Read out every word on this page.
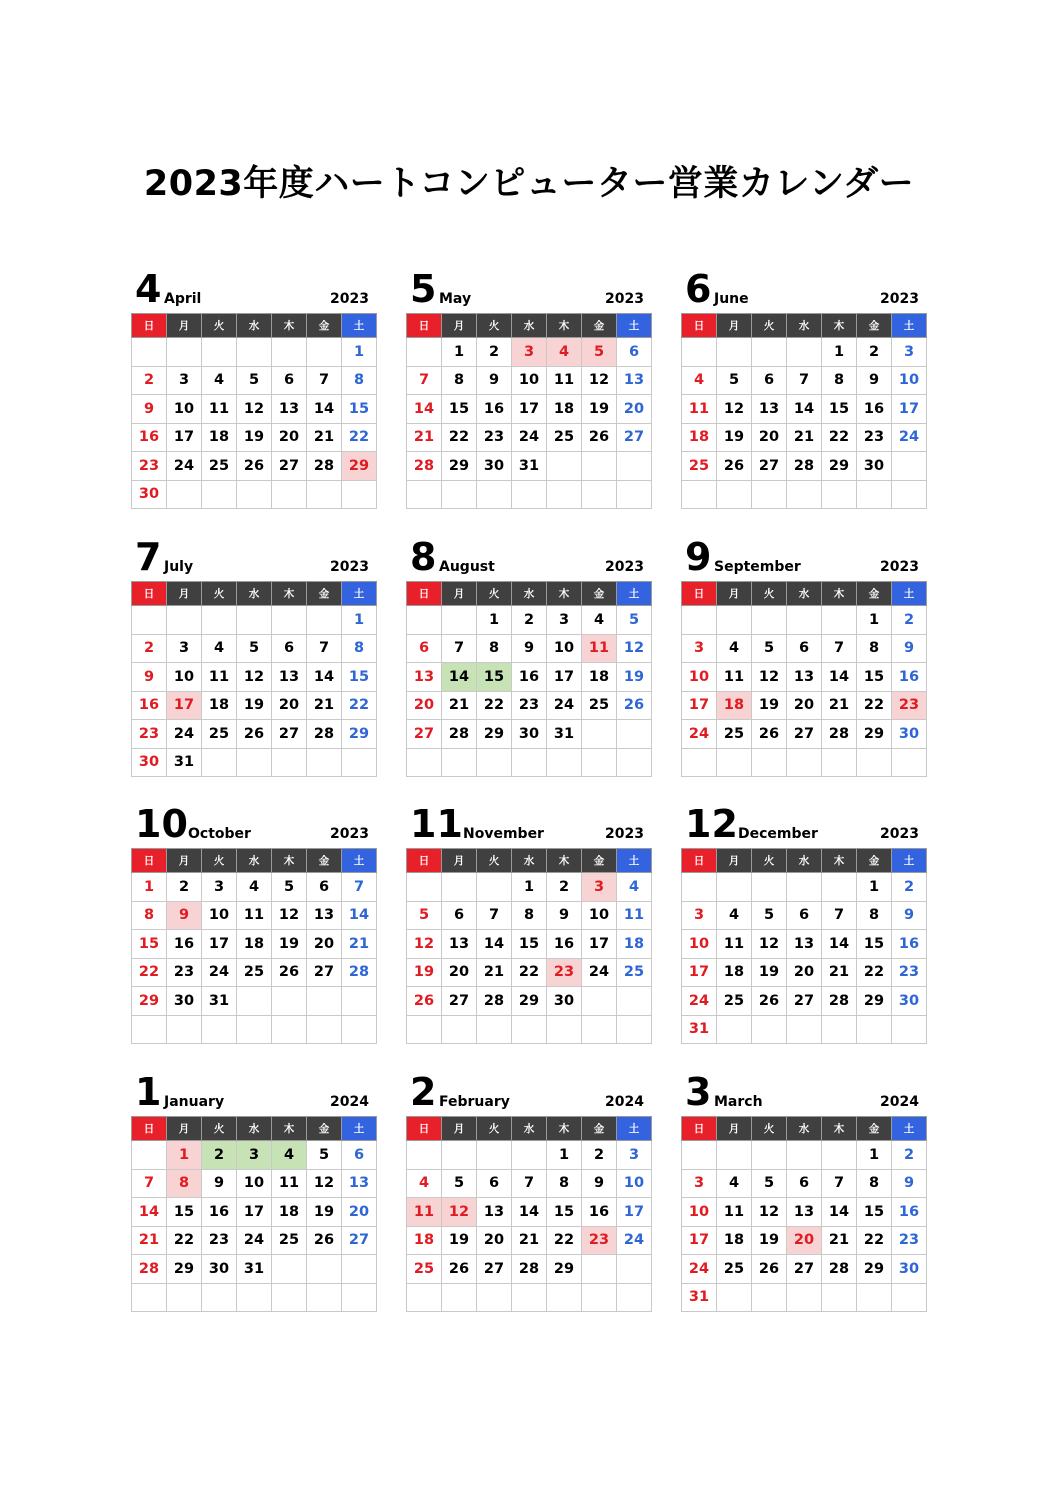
2023年度ハートコンピューター営業カレンダー
4 April	2023
日	月	火	水	木	金	土
						1
2	3	4	5	6	7	8
9	10	11	12	13	14	15
16	17	18	19	20	21	22
23	24	25	26	27	28	29
30						
5 May	2023
日	月	火	水	木	金	土
	1	2	3	4	5	6
7	8	9	10	11	12	13
14	15	16	17	18	19	20
21	22	23	24	25	26	27
28	29	30	31			

6 June	2023
日	月	火	水	木	金	土
				1	2	3
4	5	6	7	8	9	10
11	12	13	14	15	16	17
18	19	20	21	22	23	24
25	26	27	28	29	30	

7 July	2023
日	月	火	水	木	金	土
						1
2	3	4	5	6	7	8
9	10	11	12	13	14	15
16	17	18	19	20	21	22
23	24	25	26	27	28	29
30	31					
8 August	2023
日	月	火	水	木	金	土
		1	2	3	4	5
6	7	8	9	10	11	12
13	14	15	16	17	18	19
20	21	22	23	24	25	26
27	28	29	30	31		

9 September	2023
日	月	火	水	木	金	土
					1	2
3	4	5	6	7	8	9
10	11	12	13	14	15	16
17	18	19	20	21	22	23
24	25	26	27	28	29	30

10 October	2023
日	月	火	水	木	金	土
1	2	3	4	5	6	7
8	9	10	11	12	13	14
15	16	17	18	19	20	21
22	23	24	25	26	27	28
29	30	31				

11 November	2023
日	月	火	水	木	金	土
			1	2	3	4
5	6	7	8	9	10	11
12	13	14	15	16	17	18
19	20	21	22	23	24	25
26	27	28	29	30		

12 December	2023
日	月	火	水	木	金	土
					1	2
3	4	5	6	7	8	9
10	11	12	13	14	15	16
17	18	19	20	21	22	23
24	25	26	27	28	29	30
31						
1 January	2024
日	月	火	水	木	金	土
	1	2	3	4	5	6
7	8	9	10	11	12	13
14	15	16	17	18	19	20
21	22	23	24	25	26	27
28	29	30	31			

2 February	2024
日	月	火	水	木	金	土
				1	2	3
4	5	6	7	8	9	10
11	12	13	14	15	16	17
18	19	20	21	22	23	24
25	26	27	28	29		

3 March	2024
日	月	火	水	木	金	土
					1	2
3	4	5	6	7	8	9
10	11	12	13	14	15	16
17	18	19	20	21	22	23
24	25	26	27	28	29	30
31						
